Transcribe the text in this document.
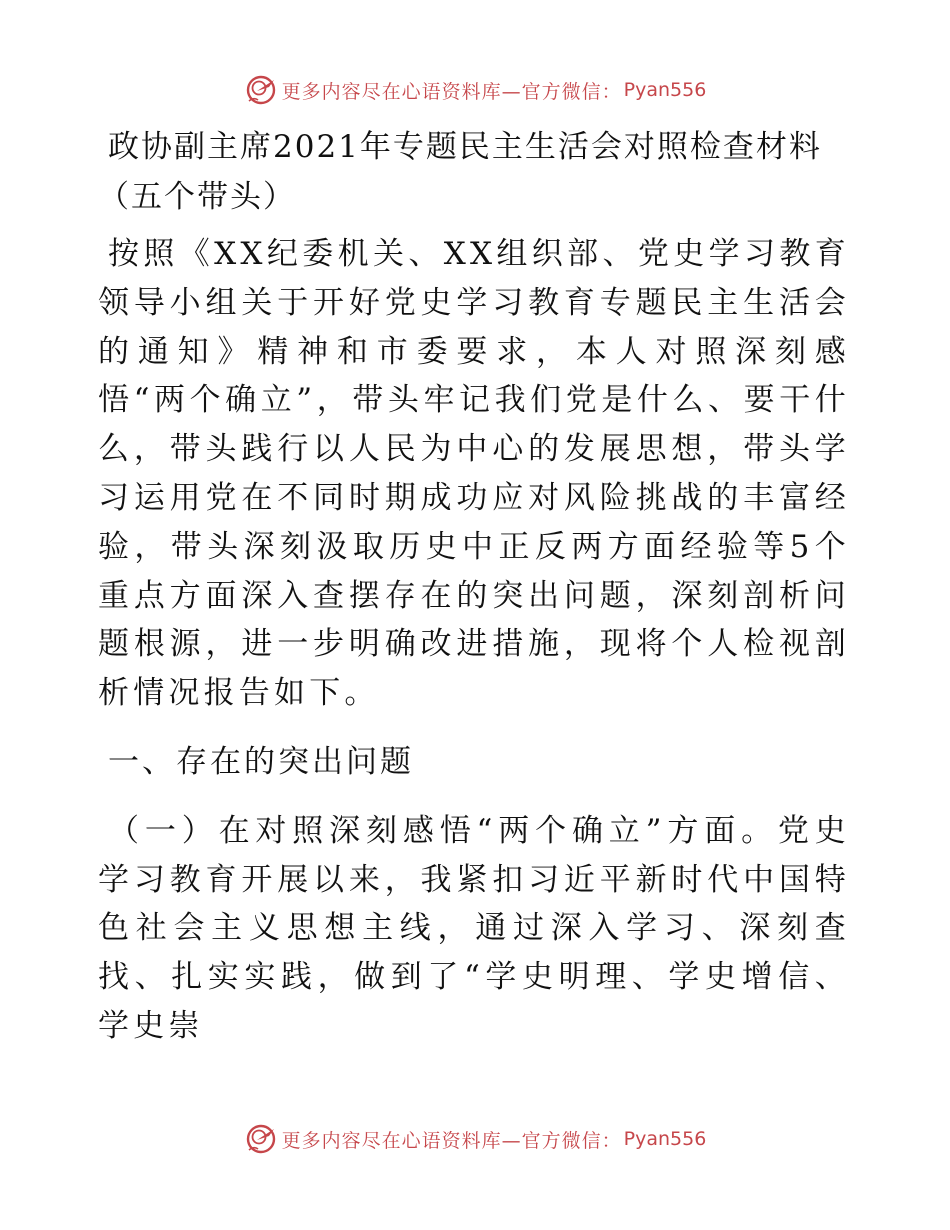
更多内容尽在心语资料库—官方微信： Pyan556
政协副主席2021年专题民主生活会对照检查材料（五个带头）

按照《XX纪委机关、XX组织部、党史学习教育领导小组关于开好党史学习教育专题民主生活会的通知》精神和市委要求，本人对照深刻感悟“两个确立”，带头牢记我们党是什么、要干什么，带头践行以人民为中心的发展思想，带头学习运用党在不同时期成功应对风险挑战的丰富经验，带头深刻汲取历史中正反两方面经验等5个重点方面深入查摆存在的突出问题，深刻剖析问题根源，进一步明确改进措施，现将个人检视剖析情况报告如下。

一、存在的突出问题

（一）在对照深刻感悟“两个确立”方面。党史学习教育开展以来，我紧扣习近平新时代中国特色社会主义思想主线，通过深入学习、深刻查找、扎实实践，做到了“学史明理、学史增信、学史崇

更多内容尽在心语资料库—官方微信： Pyan556
